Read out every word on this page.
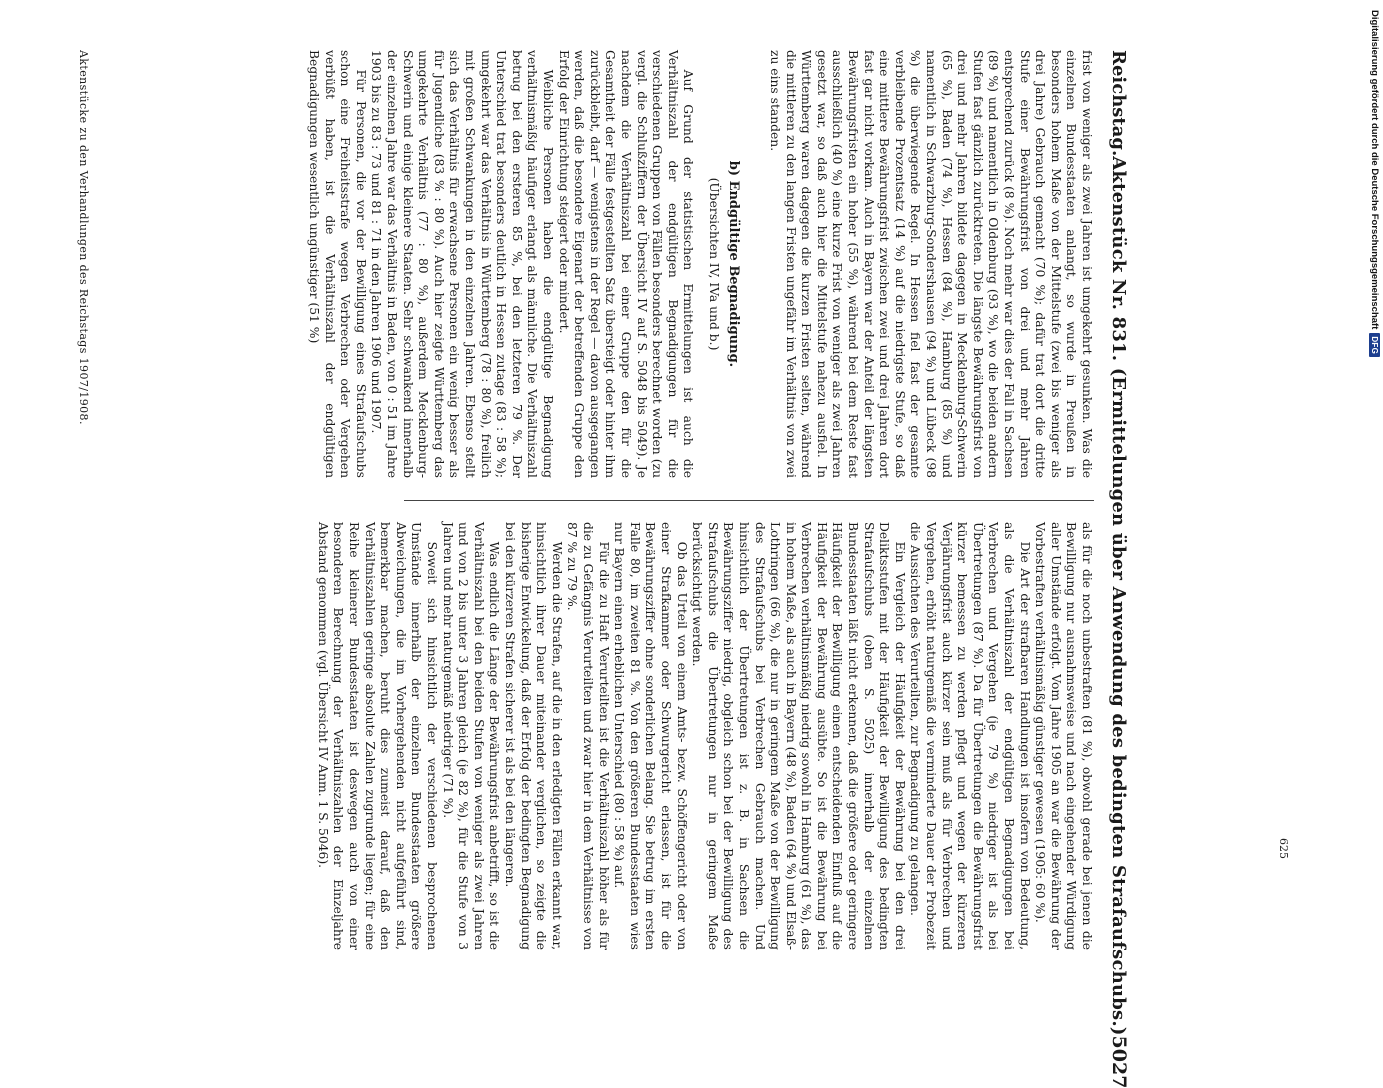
Reichstag.
Aktenstück Nr. 831. (Ermittelungen über Anwendung des bedingten Strafaufschubs.)
5027

frist von weniger als zwei Jahren ist umgekehrt gesunken. Was die einzelnen Bundesstaaten anlangt, so wurde in Preußen in besonders hohem Maße von der Mittelstufe (zwei bis weniger als drei Jahre) Gebrauch gemacht (70 %); dafür trat dort die dritte Stufe einer Bewährungsfrist von drei und mehr Jahren entsprechend zurück (8 %). Noch mehr war dies der Fall in Sachsen (89 %) und namentlich in Oldenburg (93 %), wo die beiden andern Stufen fast gänzlich zurücktreten. Die längste Bewährungsfrist von drei und mehr Jahren bildete dagegen in Mecklenburg-Schwerin (65 %), Baden (74 %), Hessen (84 %), Hamburg (85 %) und namentlich in Schwarzburg-Sondershausen (94 %) und Lübeck (98 %) die überwiegende Regel. In Hessen fiel fast der gesamte verbleibende Prozentsatz (14 %) auf die niedrigste Stufe, so daß eine mittlere Bewährungsfrist zwischen zwei und drei Jahren dort fast gar nicht vorkam. Auch in Bayern war der Anteil der längsten Bewährungsfristen ein hoher (55 %), während bei dem Reste fast ausschließlich (40 %) eine kurze Frist von weniger als zwei Jahren gesetzt war, so daß auch hier die Mittelstufe nahezu ausfiel. In Württemberg waren dagegen die kurzen Fristen selten, während die mittleren zu den langen Fristen ungefähr im Verhältnis von zwei zu eins standen.

b) Endgültige Begnadigung.
(Übersichten IV, IVa und b.)

Auf Grund der statistischen Ermittelungen ist auch die Verhältniszahl der endgültigen Begnadigungen für die verschiedenen Gruppen von Fällen besonders berechnet worden (zu vergl. die Schlußziffern der Übersicht IV auf S. 5048 bis 5049). Je nachdem die Verhältniszahl bei einer Gruppe den für die Gesamtheit der Fälle festgestellten Satz übersteigt oder hinter ihm zurückbleibt, darf — wenigstens in der Regel — davon ausgegangen werden, daß die besondere Eigenart der betreffenden Gruppe den Erfolg der Einrichtung steigert oder mindert.

Weibliche Personen haben die endgültige Begnadigung verhältnismäßig häufiger erlangt als männliche. Die Verhältniszahl betrug bei den ersteren 85 %, bei den letzteren 79 %. Der Unterschied trat besonders deutlich in Hessen zutage (83 : 58 %); umgekehrt war das Verhältnis in Württemberg (78 : 80 %), freilich mit großen Schwankungen in den einzelnen Jahren. Ebenso stellt sich das Verhältnis für erwachsene Personen ein wenig besser als für Jugendliche (83 % : 80 %). Auch hier zeigte Württemberg das umgekehrte Verhältnis (77 : 80 %), außerdem Mecklenburg-Schwerin und einige kleinere Staaten. Sehr schwankend innerhalb der einzelnen Jahre war das Verhältnis in Baden, von 0 : 51 im Jahre 1903 bis zu 83 : 73 und 81 : 71 in den Jahren 1906 und 1907.

Für Personen, die vor der Bewilligung eines Strafaufschubs schon eine Freiheitsstrafe wegen Verbrechen oder Vergehen verbüßt haben, ist die Verhältniszahl der endgültigen Begnadigungen wesentlich ungünstiger (51 %)

als für die noch unbestraften (81 %), obwohl gerade bei jenen die Bewilligung nur ausnahmsweise und nach eingehender Würdigung aller Umstände erfolgt. Vom Jahre 1905 an war die Bewährung der Vorbestraften verhältnismäßig günstiger gewesen (1905: 60 %).

Die Art der strafbaren Handlungen ist insofern von Bedeutung, als die Verhältniszahl der endgültigen Begnadigungen bei Verbrechen und Vergehen (je 79 %) niedriger ist als bei Übertretungen (87 %). Da für Übertretungen die Bewährungsfrist kürzer bemessen zu werden pflegt und wegen der kürzeren Verjährungsfrist auch kürzer sein muß als für Verbrechen und Vergehen, erhöht naturgemäß die verminderte Dauer der Probezeit die Aussichten des Verurteilten, zur Begnadigung zu gelangen.

Ein Vergleich der Häufigkeit der Bewährung bei den drei Deliktsstufen mit der Häufigkeit der Bewilligung des bedingten Strafaufschubs (oben S. 5025) innerhalb der einzelnen Bundesstaaten läßt nicht erkennen, daß die größere oder geringere Häufigkeit der Bewilligung einen entscheidenden Einfluß auf die Häufigkeit der Bewährung ausübte. So ist die Bewährung bei Verbrechen verhältnismäßig niedrig sowohl in Hamburg (61 %), das in hohem Maße, als auch in Bayern (48 %), Baden (64 %) und Elsaß-Lothringen (66 %), die nur in geringem Maße von der Bewilligung des Strafaufschubs bei Verbrechen Gebrauch machen. Und hinsichtlich der Übertretungen ist z. B. in Sachsen die Bewährungsziffer niedrig, obgleich schon bei der Bewilligung des Strafaufschubs die Übertretungen nur in geringem Maße berücksichtigt werden.

Ob das Urteil von einem Amts- bezw. Schöffengericht oder von einer Strafkammer oder Schwurgericht erlassen, ist für die Bewährungsziffer ohne sonderlichen Belang. Sie betrug im ersten Falle 80, im zweiten 81 %. Von den größeren Bundesstaaten wies nur Bayern einen erheblichen Unterschied (80 : 58 %) auf.

Für die zu Haft Verurteilten ist die Verhältniszahl höher als für die zu Gefängnis Verurteilten und zwar hier in dem Verhältnisse von 87 % zu 79 %.

Werden die Strafen, auf die in den erledigten Fällen erkannt war, hinsichtlich ihrer Dauer miteinander verglichen, so zeigte die bisherige Entwickelung, daß der Erfolg der bedingten Begnadigung bei den kürzeren Strafen sicherer ist als bei den längeren.

Was endlich die Länge der Bewährungsfrist anbetrifft, so ist die Verhältniszahl bei den beiden Stufen von weniger als zwei Jahren und von 2 bis unter 3 Jahren gleich (je 82 %), für die Stufe von 3 Jahren und mehr naturgemäß niedriger (71 %).

Soweit sich hinsichtlich der verschiedenen besprochenen Umstände innerhalb der einzelnen Bundesstaaten größere Abweichungen, die im Vorhergehenden nicht aufgeführt sind, bemerkbar machen, beruht dies zumeist darauf, daß den Verhältniszahlen geringe absolute Zahlen zugrunde liegen; für eine Reihe kleinerer Bundesstaaten ist deswegen auch von einer besonderen Berechnung der Verhältniszahlen der Einzeljahre Abstand genommen (vgl. Übersicht IV Anm. 1 S. 5046).

Aktenstücke zu den Verhandlungen des Reichstags 1907/1908.
625
Digitalisierung gefördert durch die Deutsche Forschungsgemeinschaft
DFG
